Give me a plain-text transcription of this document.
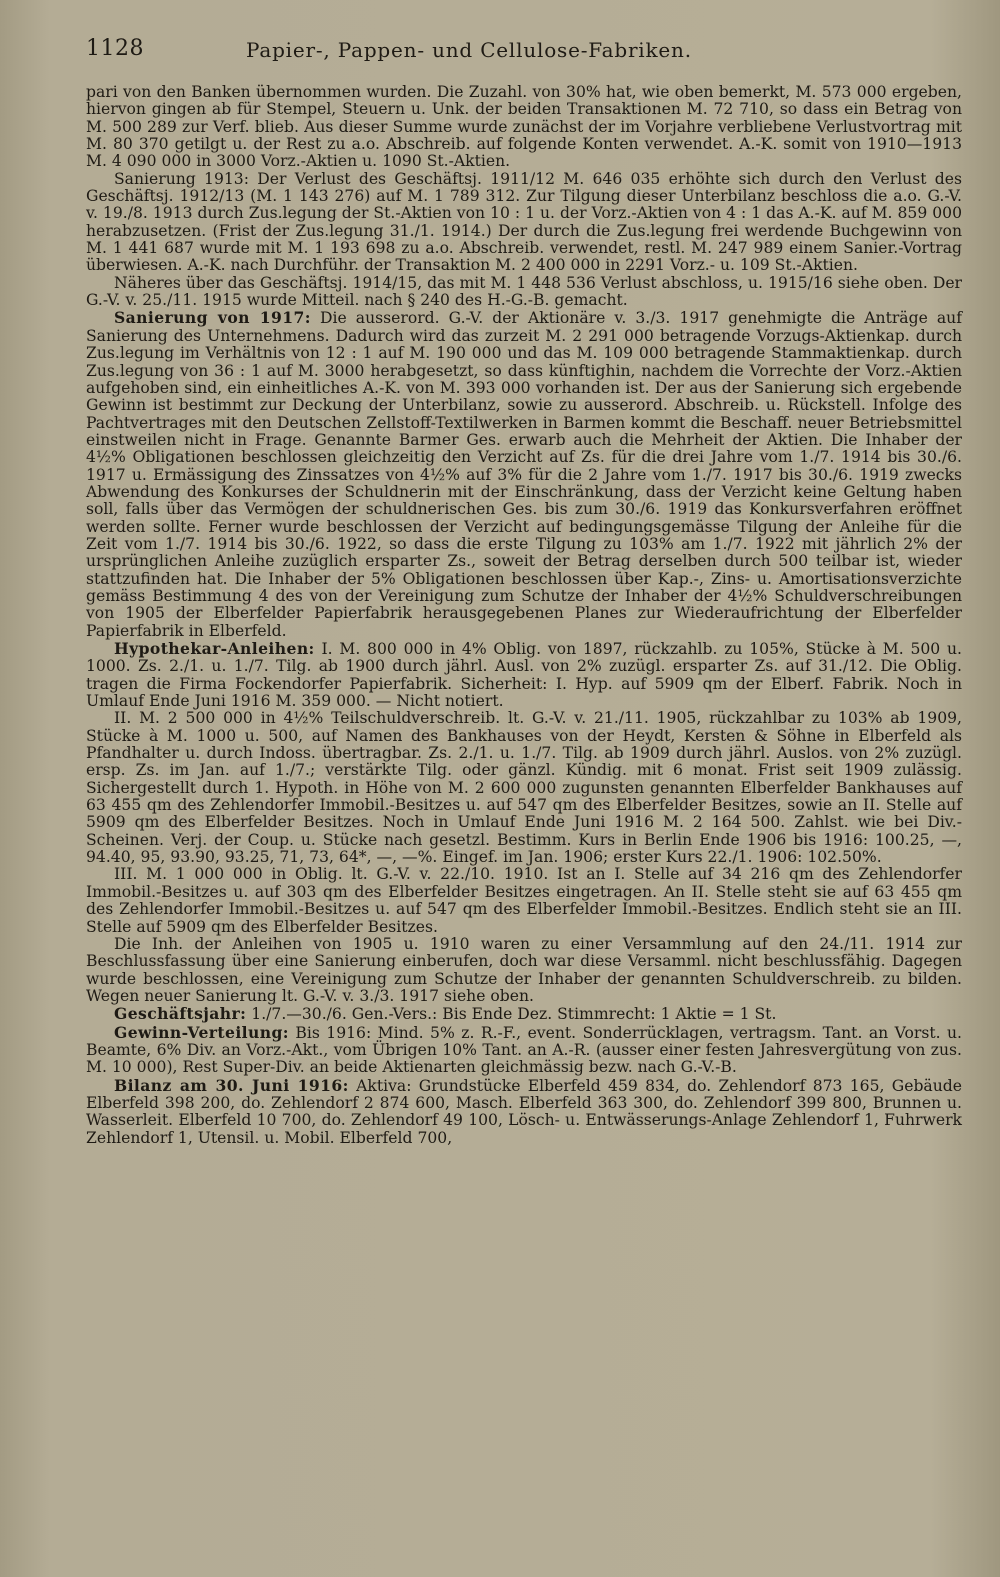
1128	Papier-, Pappen- und Cellulose-Fabriken.

pari von den Banken übernommen wurden. Die Zuzahl. von 30% hat, wie oben bemerkt, M. 573 000 ergeben, hiervon gingen ab für Stempel, Steuern u. Unk. der beiden Transaktionen M. 72 710, so dass ein Betrag von M. 500 289 zur Verf. blieb. Aus dieser Summe wurde zunächst der im Vorjahre verbliebene Verlustvortrag mit M. 80 370 getilgt u. der Rest zu a.o. Abschreib. auf folgende Konten verwendet. A.-K. somit von 1910—1913 M. 4 090 000 in 3000 Vorz.-Aktien u. 1090 St.-Aktien.

Sanierung 1913: Der Verlust des Geschäftsj. 1911/12 M. 646 035 erhöhte sich durch den Verlust des Geschäftsj. 1912/13 (M. 1 143 276) auf M. 1 789 312. Zur Tilgung dieser Unterbilanz beschloss die a.o. G.-V. v. 19./8. 1913 durch Zus.legung der St.-Aktien von 10 : 1 u. der Vorz.-Aktien von 4 : 1 das A.-K. auf M. 859 000 herabzusetzen. (Frist der Zus.legung 31./1. 1914.) Der durch die Zus.legung frei werdende Buchgewinn von M. 1 441 687 wurde mit M. 1 193 698 zu a.o. Abschreib. verwendet, restl. M. 247 989 einem Sanier.-Vortrag überwiesen. A.-K. nach Durchführ. der Transaktion M. 2 400 000 in 2291 Vorz.- u. 109 St.-Aktien.

Näheres über das Geschäftsj. 1914/15, das mit M. 1 448 536 Verlust abschloss, u. 1915/16 siehe oben. Der G.-V. v. 25./11. 1915 wurde Mitteil. nach § 240 des H.-G.-B. gemacht.

Sanierung von 1917: Die ausserord. G.-V. der Aktionäre v. 3./3. 1917 genehmigte die Anträge auf Sanierung des Unternehmens. Dadurch wird das zurzeit M. 2 291 000 betragende Vorzugs-Aktienkap. durch Zus.legung im Verhältnis von 12 : 1 auf M. 190 000 und das M. 109 000 betragende Stammaktienkap. durch Zus.legung von 36 : 1 auf M. 3000 herabgesetzt, so dass künftighin, nachdem die Vorrechte der Vorz.-Aktien aufgehoben sind, ein einheitliches A.-K. von M. 393 000 vorhanden ist. Der aus der Sanierung sich ergebende Gewinn ist bestimmt zur Deckung der Unterbilanz, sowie zu ausserord. Abschreib. u. Rückstell. Infolge des Pachtvertrages mit den Deutschen Zellstoff-Textilwerken in Barmen kommt die Beschaff. neuer Betriebsmittel einstweilen nicht in Frage. Genannte Barmer Ges. erwarb auch die Mehrheit der Aktien. Die Inhaber der 4½% Obligationen beschlossen gleichzeitig den Verzicht auf Zs. für die drei Jahre vom 1./7. 1914 bis 30./6. 1917 u. Ermässigung des Zinssatzes von 4½% auf 3% für die 2 Jahre vom 1./7. 1917 bis 30./6. 1919 zwecks Abwendung des Konkurses der Schuldnerin mit der Einschränkung, dass der Verzicht keine Geltung haben soll, falls über das Vermögen der schuldnerischen Ges. bis zum 30./6. 1919 das Konkursverfahren eröffnet werden sollte. Ferner wurde beschlossen der Verzicht auf bedingungsgemässe Tilgung der Anleihe für die Zeit vom 1./7. 1914 bis 30./6. 1922, so dass die erste Tilgung zu 103% am 1./7. 1922 mit jährlich 2% der ursprünglichen Anleihe zuzüglich ersparter Zs., soweit der Betrag derselben durch 500 teilbar ist, wieder stattzufinden hat. Die Inhaber der 5% Obligationen beschlossen über Kap.-, Zins- u. Amortisationsverzichte gemäss Bestimmung 4 des von der Vereinigung zum Schutze der Inhaber der 4½% Schuldverschreibungen von 1905 der Elberfelder Papierfabrik herausgegebenen Planes zur Wiederaufrichtung der Elberfelder Papierfabrik in Elberfeld.

Hypothekar-Anleihen: I. M. 800 000 in 4% Oblig. von 1897, rückzahlb. zu 105%, Stücke à M. 500 u. 1000. Zs. 2./1. u. 1./7. Tilg. ab 1900 durch jährl. Ausl. von 2% zuzügl. ersparter Zs. auf 31./12. Die Oblig. tragen die Firma Fockendorfer Papierfabrik. Sicherheit: I. Hyp. auf 5909 qm der Elberf. Fabrik. Noch in Umlauf Ende Juni 1916 M. 359 000. — Nicht notiert.

II. M. 2 500 000 in 4½% Teilschuldverschreib. lt. G.-V. v. 21./11. 1905, rückzahlbar zu 103% ab 1909, Stücke à M. 1000 u. 500, auf Namen des Bankhauses von der Heydt, Kersten & Söhne in Elberfeld als Pfandhalter u. durch Indoss. übertragbar. Zs. 2./1. u. 1./7. Tilg. ab 1909 durch jährl. Auslos. von 2% zuzügl. ersp. Zs. im Jan. auf 1./7.; verstärkte Tilg. oder gänzl. Kündig. mit 6 monat. Frist seit 1909 zulässig. Sichergestellt durch 1. Hypoth. in Höhe von M. 2 600 000 zugunsten genannten Elberfelder Bankhauses auf 63 455 qm des Zehlendorfer Immobil.-Besitzes u. auf 547 qm des Elberfelder Besitzes, sowie an II. Stelle auf 5909 qm des Elberfelder Besitzes. Noch in Umlauf Ende Juni 1916 M. 2 164 500. Zahlst. wie bei Div.-Scheinen. Verj. der Coup. u. Stücke nach gesetzl. Bestimm. Kurs in Berlin Ende 1906 bis 1916: 100.25, —, 94.40, 95, 93.90, 93.25, 71, 73, 64*, —, —%. Eingef. im Jan. 1906; erster Kurs 22./1. 1906: 102.50%.

III. M. 1 000 000 in Oblig. lt. G.-V. v. 22./10. 1910. Ist an I. Stelle auf 34 216 qm des Zehlendorfer Immobil.-Besitzes u. auf 303 qm des Elberfelder Besitzes eingetragen. An II. Stelle steht sie auf 63 455 qm des Zehlendorfer Immobil.-Besitzes u. auf 547 qm des Elberfelder Immobil.-Besitzes. Endlich steht sie an III. Stelle auf 5909 qm des Elberfelder Besitzes.

Die Inh. der Anleihen von 1905 u. 1910 waren zu einer Versammlung auf den 24./11. 1914 zur Beschlussfassung über eine Sanierung einberufen, doch war diese Versamml. nicht beschlussfähig. Dagegen wurde beschlossen, eine Vereinigung zum Schutze der Inhaber der genannten Schuldverschreib. zu bilden. Wegen neuer Sanierung lt. G.-V. v. 3./3. 1917 siehe oben.

Geschäftsjahr: 1./7.—30./6. Gen.-Vers.: Bis Ende Dez. Stimmrecht: 1 Aktie = 1 St.

Gewinn-Verteilung: Bis 1916: Mind. 5% z. R.-F., event. Sonderrücklagen, vertragsm. Tant. an Vorst. u. Beamte, 6% Div. an Vorz.-Akt., vom Übrigen 10% Tant. an A.-R. (ausser einer festen Jahresvergütung von zus. M. 10 000), Rest Super-Div. an beide Aktienarten gleichmässig bezw. nach G.-V.-B.

Bilanz am 30. Juni 1916: Aktiva: Grundstücke Elberfeld 459 834, do. Zehlendorf 873 165, Gebäude Elberfeld 398 200, do. Zehlendorf 2 874 600, Masch. Elberfeld 363 300, do. Zehlendorf 399 800, Brunnen u. Wasserleit. Elberfeld 10 700, do. Zehlendorf 49 100, Lösch- u. Entwässerungs-Anlage Zehlendorf 1, Fuhrwerk Zehlendorf 1, Utensil. u. Mobil. Elberfeld 700,
